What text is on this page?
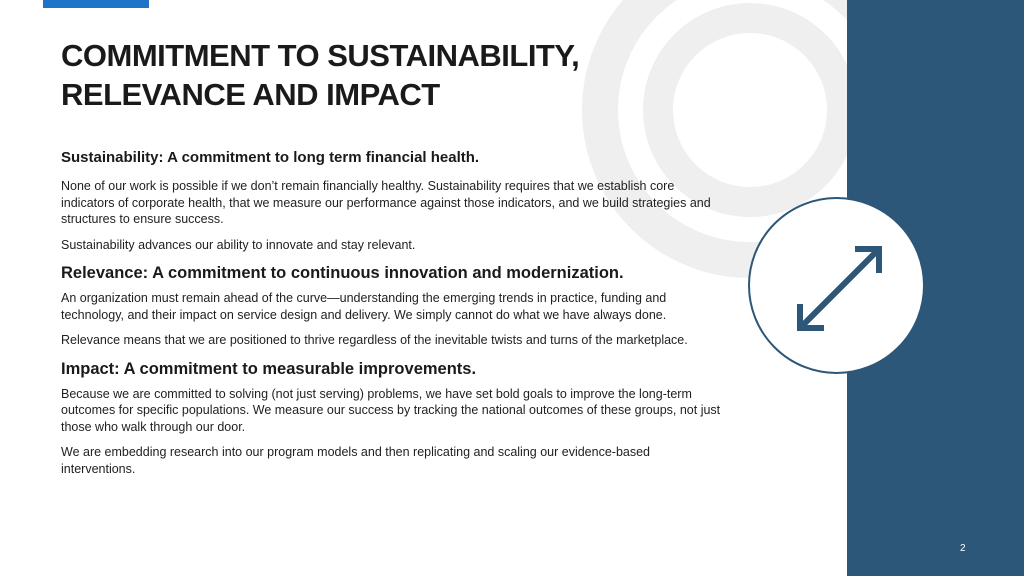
COMMITMENT TO SUSTAINABILITY,
RELEVANCE AND IMPACT

Sustainability: A commitment to long term financial health.

None of our work is possible if we don’t remain financially healthy. Sustainability requires that we establish core indicators of corporate health, that we measure our performance against those indicators, and we build strategies and structures to ensure success.

Sustainability advances our ability to innovate and stay relevant.

Relevance: A commitment to continuous innovation and modernization.

An organization must remain ahead of the curve—understanding the emerging trends in practice, funding and technology, and their impact on service design and delivery. We simply cannot do what we have always done.

Relevance means that we are positioned to thrive regardless of the inevitable twists and turns of the marketplace.

Impact: A commitment to measurable improvements.

Because we are committed to solving (not just serving) problems, we have set bold goals to improve the long-term outcomes for specific populations. We measure our success by tracking the national outcomes of these groups, not just those who walk through our door.

We are embedding research into our program models and then replicating and scaling our evidence-based interventions.

2
